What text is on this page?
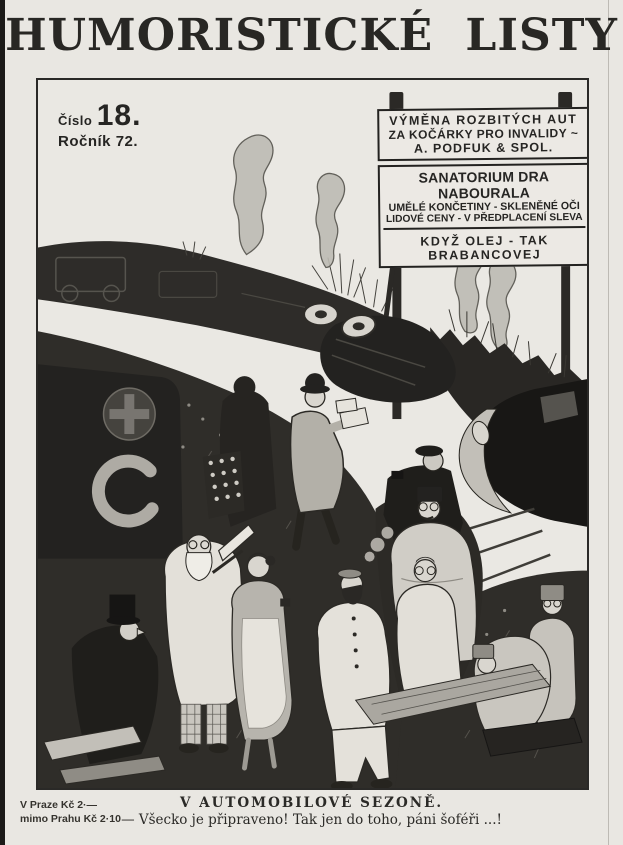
HUMORISTICKÉ LISTY
Číslo 18.
Ročník 72.
VÝMĚNA ROZBITÝCH AUT
ZA KOČÁRKY PRO INVALIDY ~
A. PODFUK & SPOL.
SANATORIUM DRA NABOURALA
UMĚLÉ KONČETINY - SKLENĚNÉ OČI
LIDOVÉ CENY - V PŘEDPLACENÍ SLEVA
KDYŽ OLEJ - TAK BRABANCOVEJ
V Praze Kč 2·—
mimo Prahu Kč 2·10
V AUTOMOBILOVÉ SEZONĚ.
— Všecko je připraveno! Tak jen do toho, páni šoféři ...!
